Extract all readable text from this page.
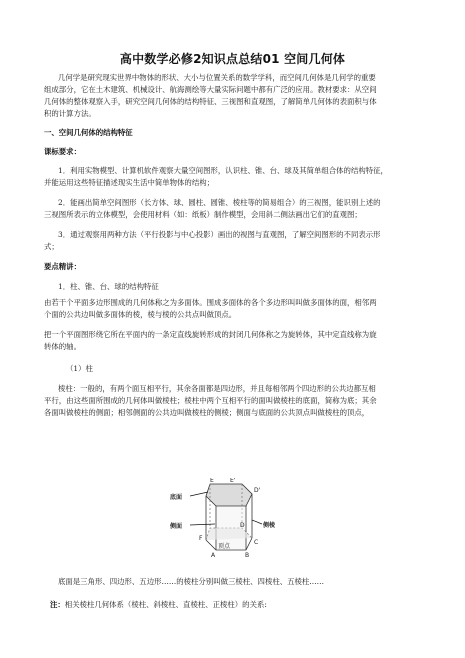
高中数学必修2知识点总结01 空间几何体
几何学是研究现实世界中物体的形状、大小与位置关系的数学学科，而空间几何体是几何学的重要
组成部分，它在土木建筑、机械设计、航海测绘等大量实际问题中都有广泛的应用。教材要求：从空间
几何体的整体观察入手，研究空间几何体的结构特征、三视图和直观图，了解简单几何体的表面积与体
积的计算方法。
一、空间几何体的结构特征
课标要求：
1．利用实物模型、计算机软件观察大量空间图形，认识柱、锥、台、球及其简单组合体的结构特征，
并能运用这些特征描述现实生活中简单物体的结构；
2．能画出简单空间图形（长方体、球、圆柱、圆锥、棱柱等的简易组合）的三视图，能识别上述的
三视图所表示的立体模型，会使用材料（如：纸板）制作模型，会用斜二侧法画出它们的直观图；
3．通过观察用两种方法（平行投影与中心投影）画出的视图与直观图，了解空间图形的不同表示形
式；
要点精讲：
1．柱、锥、台、球的结构特征
由若干个平面多边形围成的几何体称之为多面体。围成多面体的各个多边形叫叫做多面体的面，相邻两
个面的公共边叫做多面体的棱，棱与棱的公共点叫做顶点。
把一个平面图形绕它所在平面内的一条定直线旋转形成的封闭几何体称之为旋转体，其中定直线称为旋
转体的轴。
（1）柱
棱柱：一般的，有两个面互相平行，其余各面都是四边形，并且每相邻两个四边形的公共边都互相
平行，由这些面所围成的几何体叫做棱柱；棱柱中两个互相平行的面叫做棱柱的底面，简称为底；其余
各面叫做棱柱的侧面；相邻侧面的公共边叫做棱柱的侧棱；侧面与底面的公共顶点叫做棱柱的顶点，
底面
侧面	侧棱
E	E'
D'
F
A	B
C
D
顶点
底面是三角形、四边形、五边形……的棱柱分别叫做三棱柱、四棱柱、五棱柱……
注：相关棱柱几何体系（棱柱、斜棱柱、直棱柱、正棱柱）的关系:
